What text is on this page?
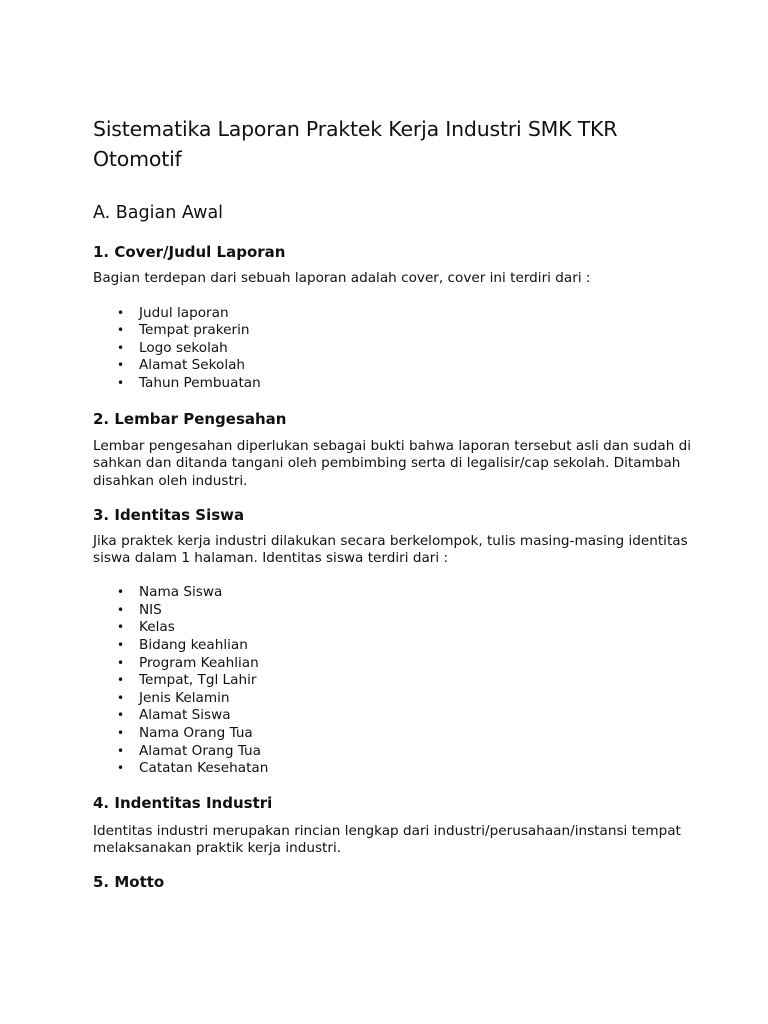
Sistematika Laporan Praktek Kerja Industri SMK TKR Otomotif
A. Bagian Awal
1. Cover/Judul Laporan

Bagian terdepan dari sebuah laporan adalah cover, cover ini terdiri dari :

• Judul laporan
• Tempat prakerin
• Logo sekolah
• Alamat Sekolah
• Tahun Pembuatan
2. Lembar Pengesahan

Lembar pengesahan diperlukan sebagai bukti bahwa laporan tersebut asli dan sudah di sahkan dan ditanda tangani oleh pembimbing serta di legalisir/cap sekolah. Ditambah disahkan oleh industri.

3. Identitas Siswa

Jika praktek kerja industri dilakukan secara berkelompok, tulis masing-masing identitas siswa dalam 1 halaman. Identitas siswa terdiri dari :

• Nama Siswa
• NIS
• Kelas
• Bidang keahlian
• Program Keahlian
• Tempat, Tgl Lahir
• Jenis Kelamin
• Alamat Siswa
• Nama Orang Tua
• Alamat Orang Tua
• Catatan Kesehatan
4. Indentitas Industri

Identitas industri merupakan rincian lengkap dari industri/perusahaan/instansi tempat melaksanakan praktik kerja industri.

5. Motto
